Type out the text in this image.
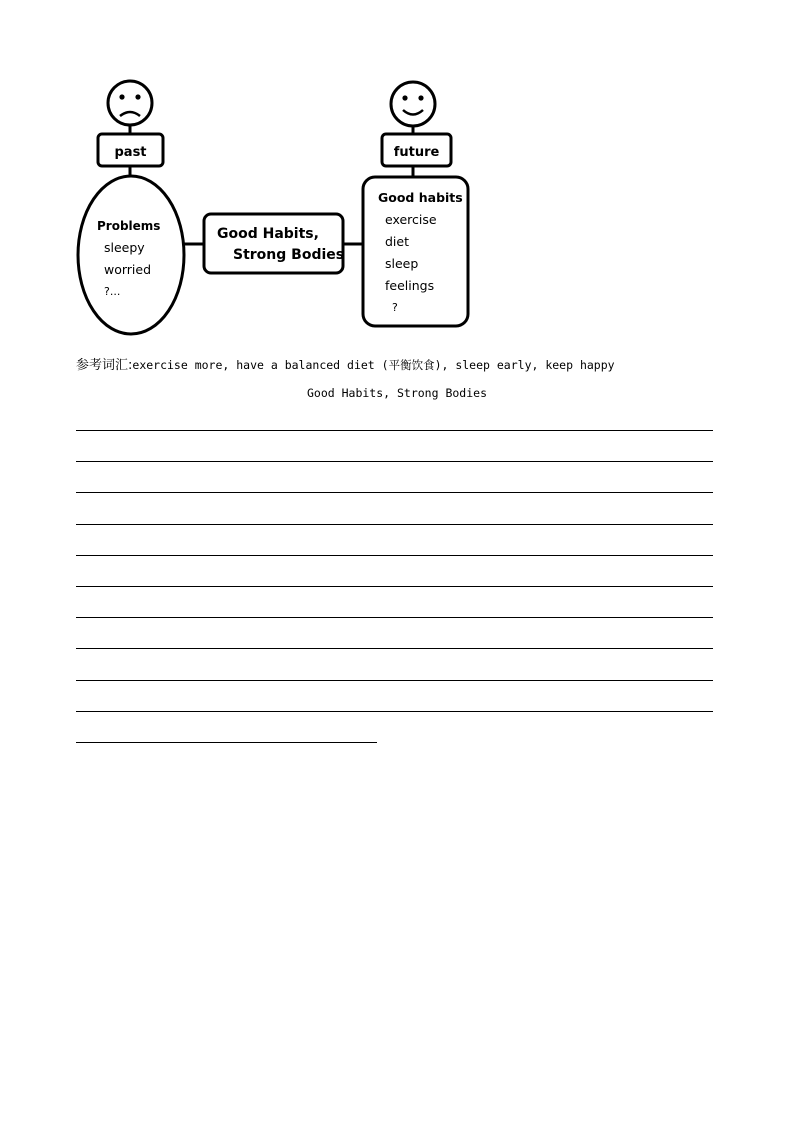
past
Problems
sleepy
worried
?...
Good Habits,
Strong Bodies
future
Good habits
exercise
diet
sleep
feelings
?
参考词汇:exercise more, have a balanced diet (平衡饮食), sleep early, keep happy
Good Habits, Strong Bodies
